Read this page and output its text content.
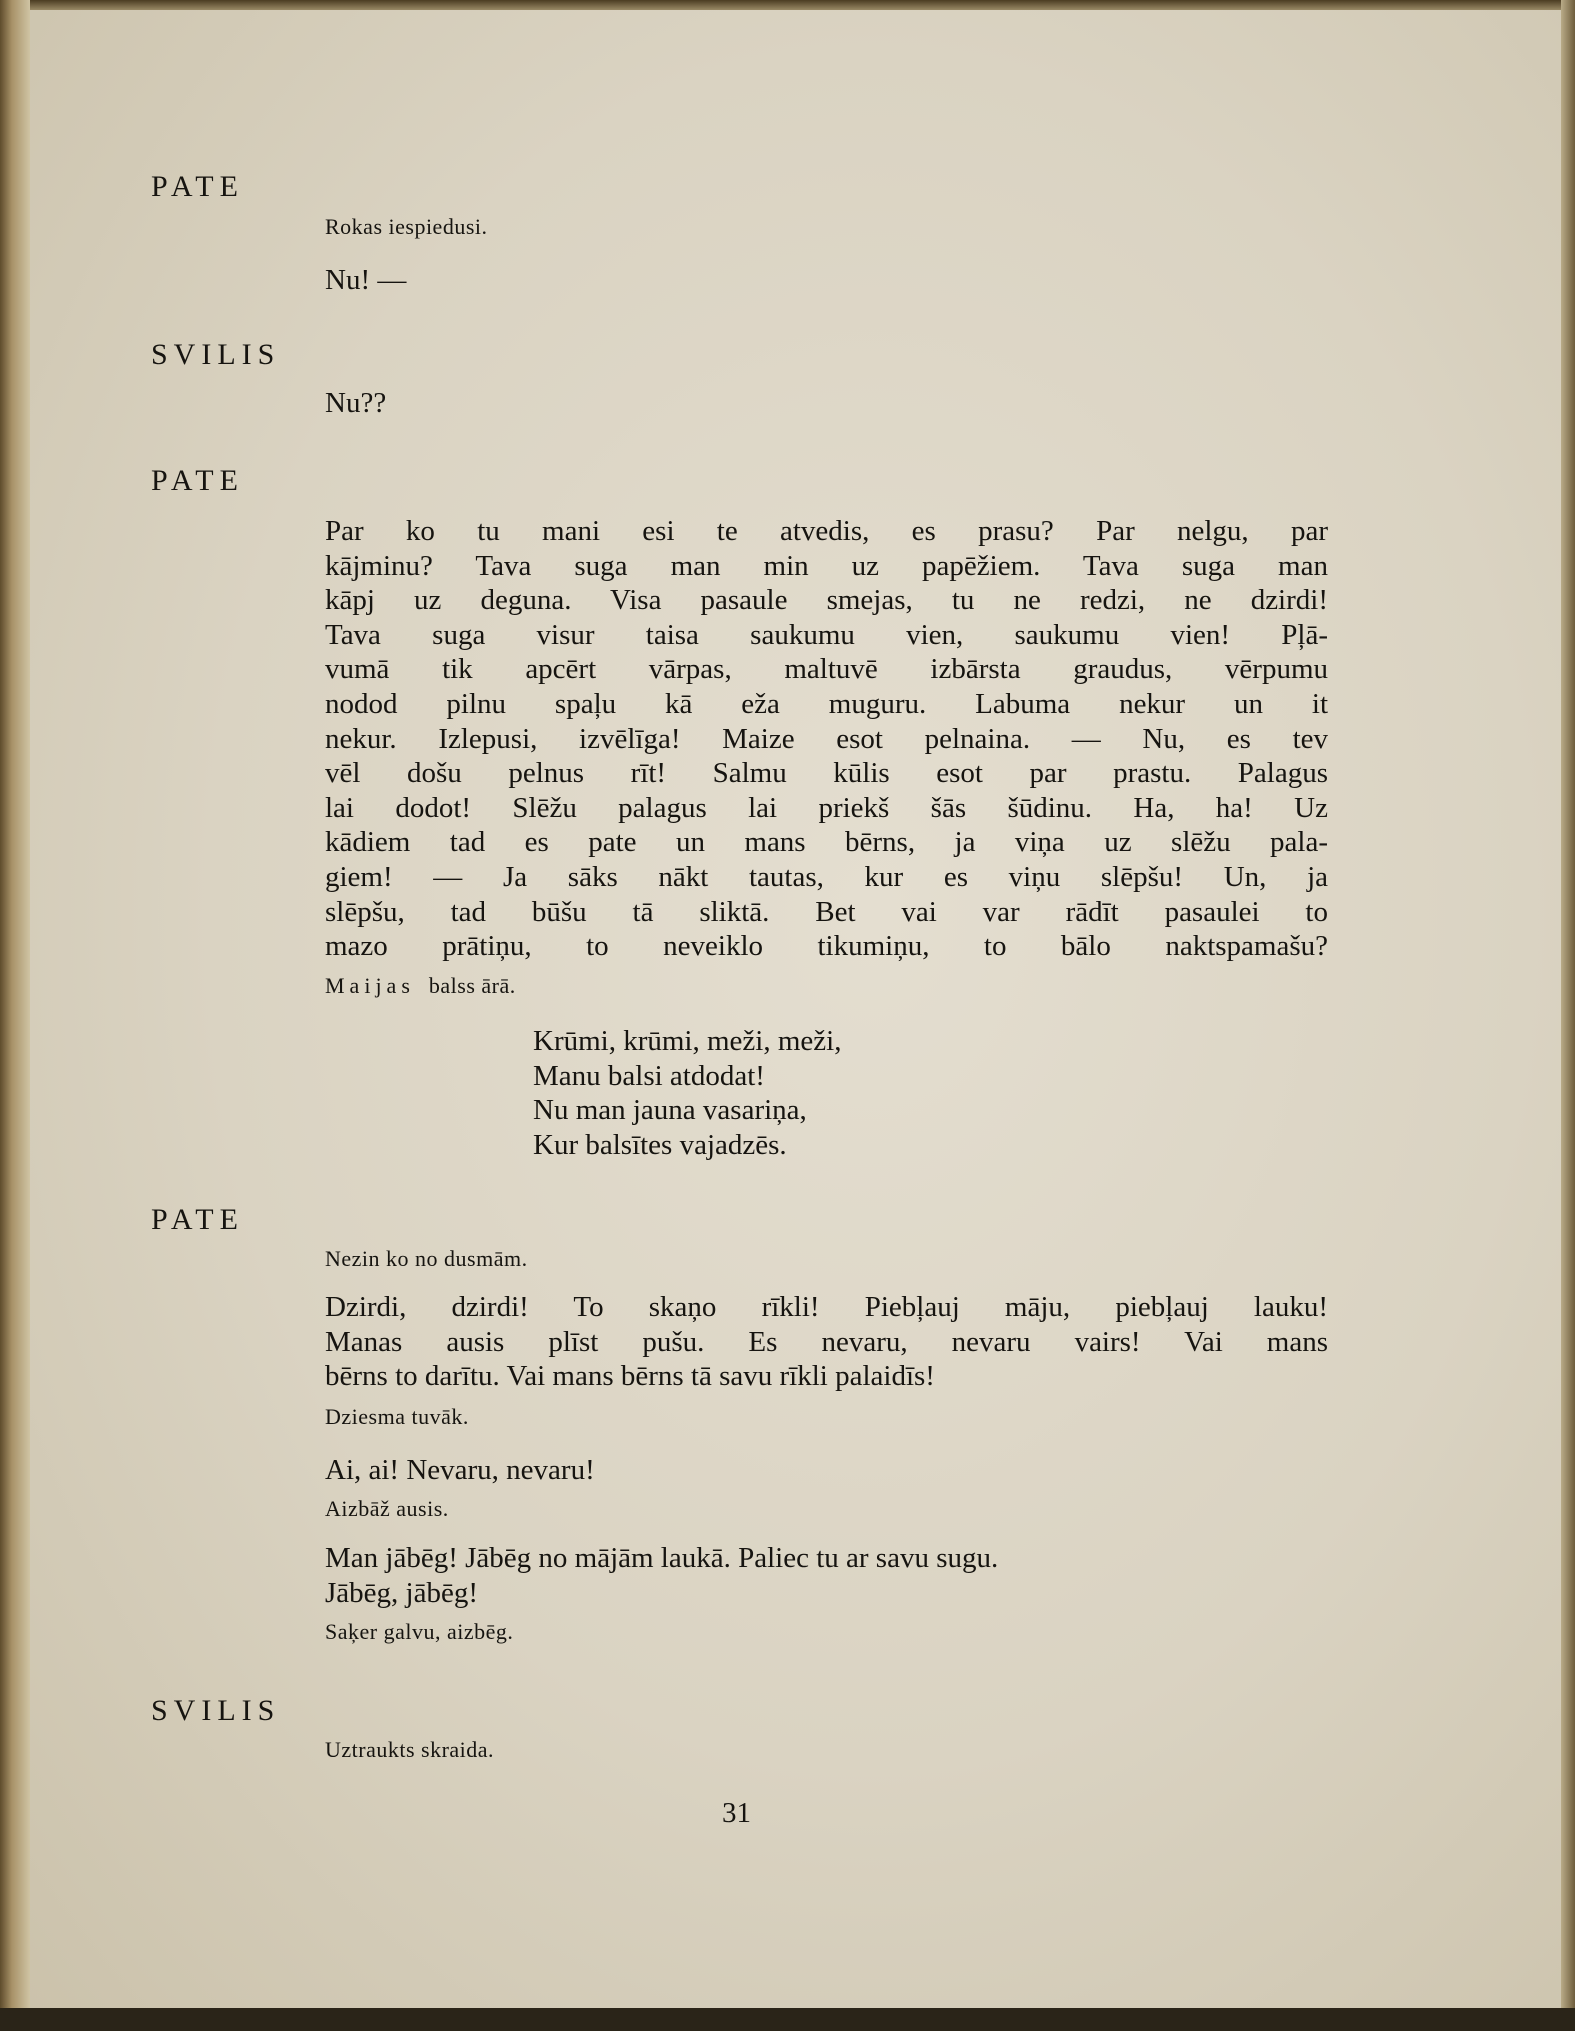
PATE
Rokas iespiedusi.
Nu! —
SVILIS
Nu??
PATE
Par ko tu mani esi te atvedis, es prasu? Par nelgu, par
kājminu? Tava suga man min uz papēžiem. Tava suga man
kāpj uz deguna. Visa pasaule smejas, tu ne redzi, ne dzirdi!
Tava suga visur taisa saukumu vien, saukumu vien! Pļā-
vumā tik apcērt vārpas, maltuvē izbārsta graudus, vērpumu
nodod pilnu spaļu kā eža muguru. Labuma nekur un it
nekur. Izlepusi, izvēlīga! Maize esot pelnaina. — Nu, es tev
vēl došu pelnus rīt! Salmu kūlis esot par prastu. Palagus
lai dodot! Slēžu palagus lai priekš šās šūdinu. Ha, ha! Uz
kādiem tad es pate un mans bērns, ja viņa uz slēžu pala-
giem! — Ja sāks nākt tautas, kur es viņu slēpšu! Un, ja
slēpšu, tad būšu tā sliktā. Bet vai var rādīt pasaulei to
mazo prātiņu, to neveiklo tikumiņu, to bālo naktspamašu?
Maijas balss ārā.
Krūmi, krūmi, meži, meži,
Manu balsi atdodat!
Nu man jauna vasariņa,
Kur balsītes vajadzēs.
PATE
Nezin ko no dusmām.
Dzirdi, dzirdi! To skaņo rīkli! Piebļauj māju, piebļauj lauku!
Manas ausis plīst pušu. Es nevaru, nevaru vairs! Vai mans
bērns to darītu. Vai mans bērns tā savu rīkli palaidīs!
Dziesma tuvāk.
Ai, ai! Nevaru, nevaru!
Aizbāž ausis.
Man jābēg! Jābēg no mājām laukā. Paliec tu ar savu sugu.
Jābēg, jābēg!
Saķer galvu, aizbēg.
SVILIS
Uztraukts skraida.
31
